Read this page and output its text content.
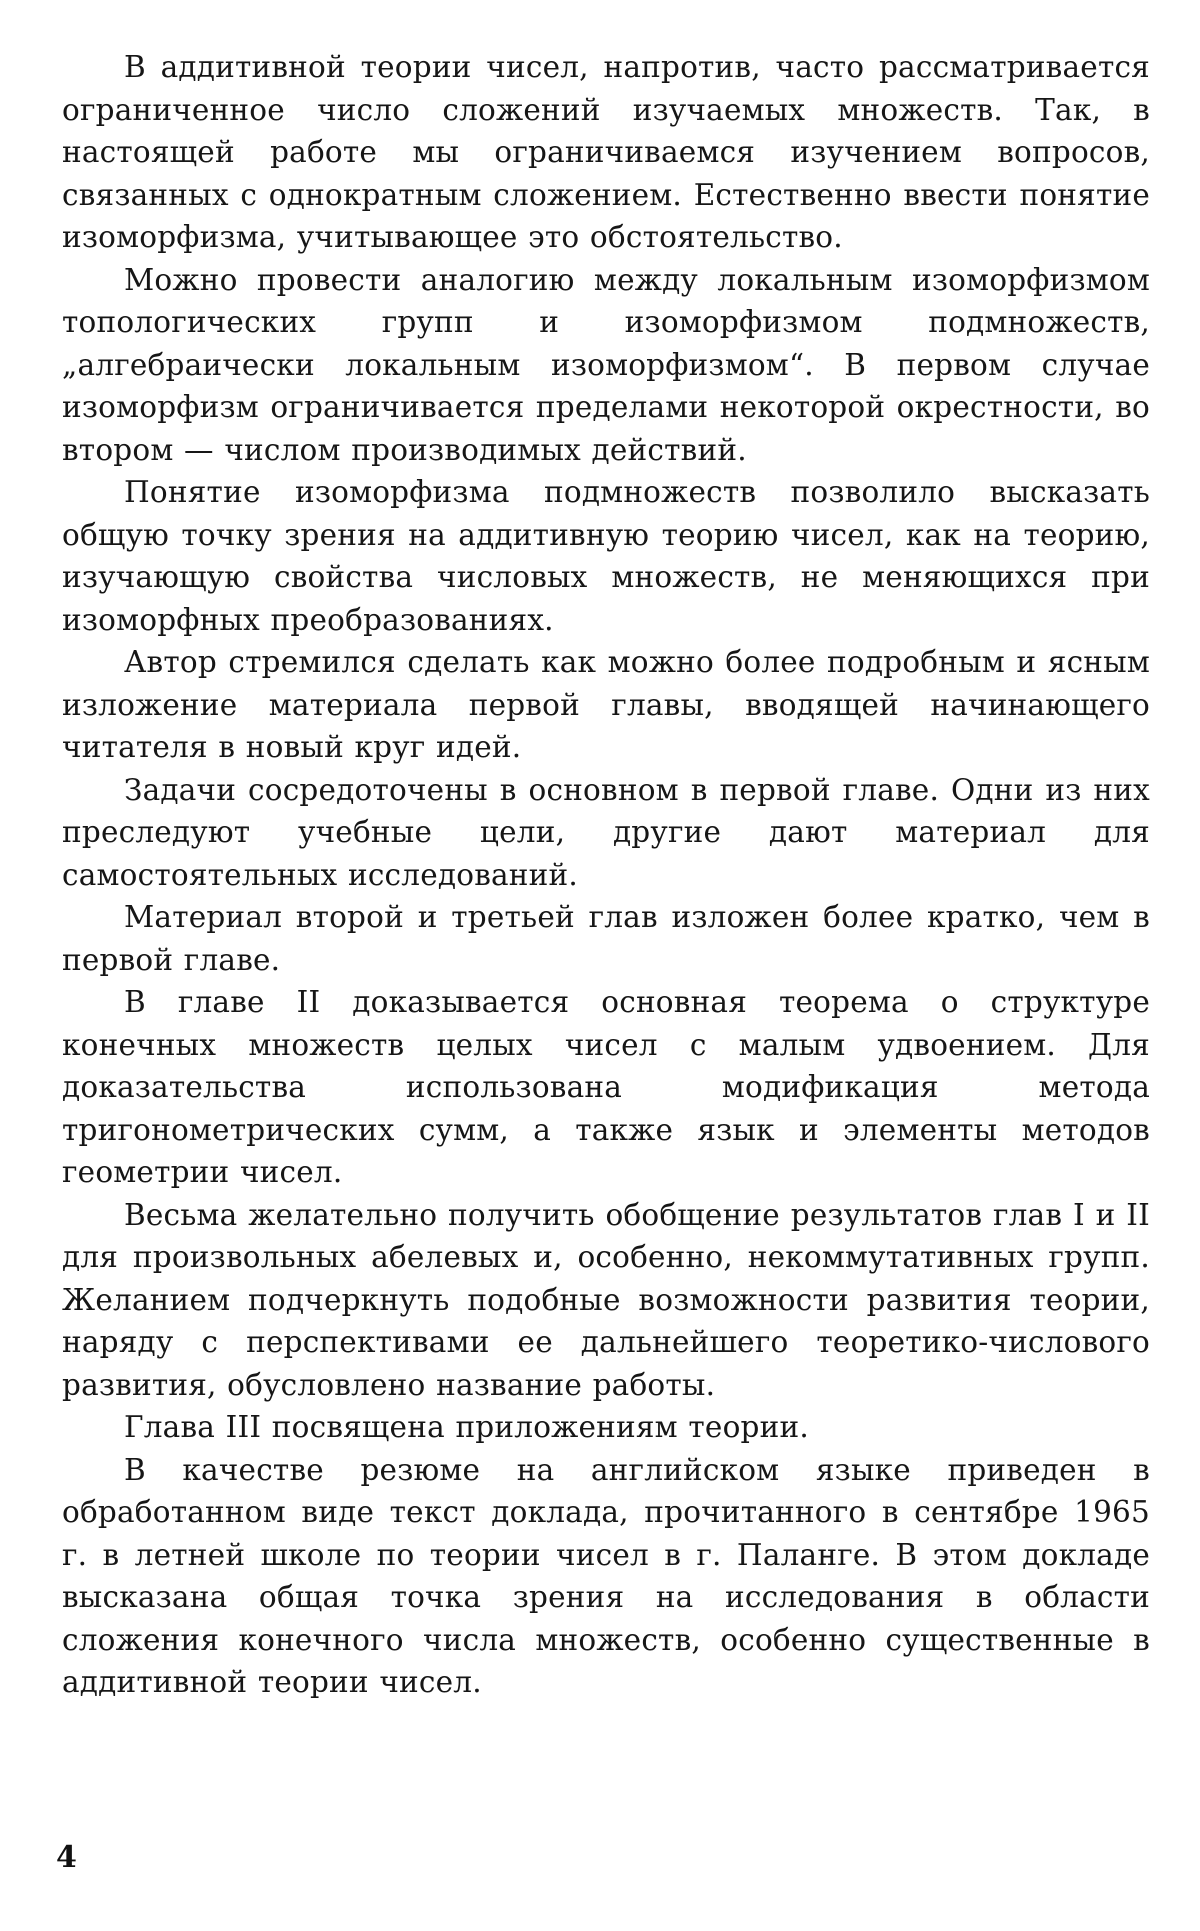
В аддитивной теории чисел, напротив, часто рассматривается ограниченное число сложений изучаемых множеств. Так, в настоящей работе мы ограничиваемся изучением вопросов, связанных с однократным сложением. Естественно ввести понятие изоморфизма, учитывающее это обстоятельство.

Можно провести аналогию между локальным изоморфизмом топологических групп и изоморфизмом подмножеств, „алгебраически локальным изоморфизмом“. В первом случае изоморфизм ограничивается пределами некоторой окрестности, во втором — числом производимых действий.

Понятие изоморфизма подмножеств позволило высказать общую точку зрения на аддитивную теорию чисел, как на теорию, изучающую свойства числовых множеств, не меняющихся при изоморфных преобразованиях.

Автор стремился сделать как можно более подробным и ясным изложение материала первой главы, вводящей начинающего читателя в новый круг идей.

Задачи сосредоточены в основном в первой главе. Одни из них преследуют учебные цели, другие дают материал для самостоятельных исследований.

Материал второй и третьей глав изложен более кратко, чем в первой главе.

В главе II доказывается основная теорема о структуре конечных множеств целых чисел с малым удвоением. Для доказательства использована модификация метода тригонометрических сумм, а также язык и элементы методов геометрии чисел.

Весьма желательно получить обобщение результатов глав I и II для произвольных абелевых и, особенно, некоммутативных групп. Желанием подчеркнуть подобные возможности развития теории, наряду с перспективами ее дальнейшего теоретико-числового развития, обусловлено название работы.

Глава III посвящена приложениям теории.

В качестве резюме на английском языке приведен в обработанном виде текст доклада, прочитанного в сентябре 1965 г. в летней школе по теории чисел в г. Паланге. В этом докладе высказана общая точка зрения на исследования в области сложения конечного числа множеств, особенно существенные в аддитивной теории чисел.

4
